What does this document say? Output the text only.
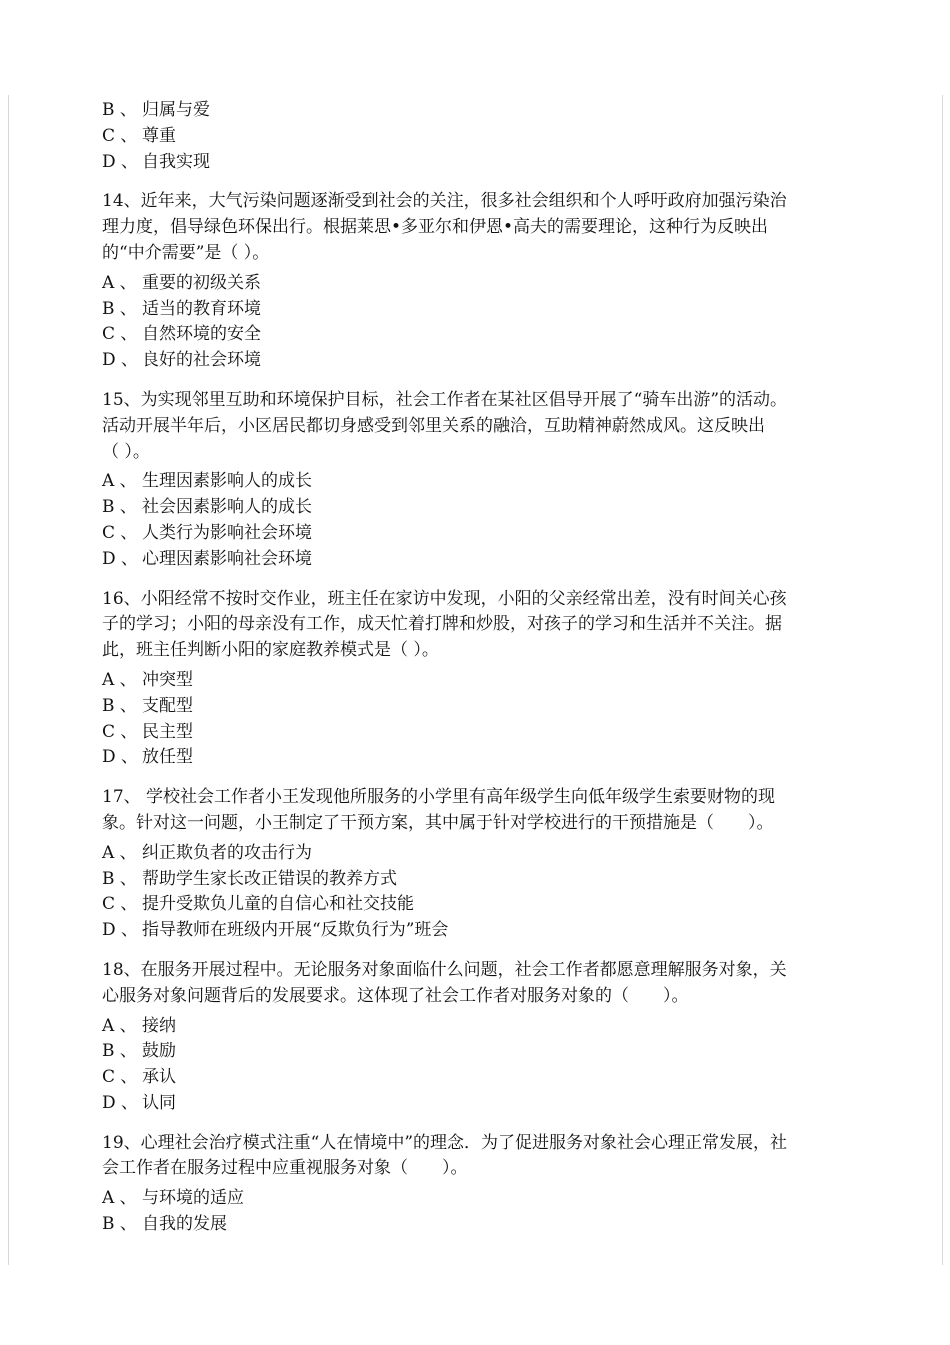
B 、 归属与爱
C 、 尊重
D 、 自我实现

14、近年来，大气污染问题逐渐受到社会的关注，很多社会组织和个人呼吁政府加强污染治

理力度，倡导绿色环保出行。根据莱思•多亚尔和伊恩•高夫的需要理论，这种行为反映出

的“中介需要”是（ ）。

A 、 重要的初级关系
B 、 适当的教育环境
C 、 自然环境的安全
D 、 良好的社会环境

15、为实现邻里互助和环境保护目标，社会工作者在某社区倡导开展了“骑车出游”的活动。

活动开展半年后，小区居民都切身感受到邻里关系的融洽，互助精神蔚然成风。这反映出

（ ）。

A 、 生理因素影响人的成长
B 、 社会因素影响人的成长
C 、 人类行为影响社会环境
D 、 心理因素影响社会环境

16、小阳经常不按时交作业，班主任在家访中发现，小阳的父亲经常出差，没有时间关心孩

子的学习；小阳的母亲没有工作，成天忙着打牌和炒股，对孩子的学习和生活并不关注。据

此，班主任判断小阳的家庭教养模式是（ ）。

A 、 冲突型
B 、 支配型
C 、 民主型
D 、 放任型

17、 学校社会工作者小王发现他所服务的小学里有高年级学生向低年级学生索要财物的现

象。针对这一问题，小王制定了干预方案，其中属于针对学校进行的干预措施是（　　）。

A 、 纠正欺负者的攻击行为
B 、 帮助学生家长改正错误的教养方式
C 、 提升受欺负儿童的自信心和社交技能
D 、 指导教师在班级内开展“反欺负行为”班会

18、在服务开展过程中。无论服务对象面临什么问题，社会工作者都愿意理解服务对象，关

心服务对象问题背后的发展要求。这体现了社会工作者对服务对象的（　　）。

A 、 接纳
B 、 鼓励
C 、 承认
D 、 认同

19、心理社会治疗模式注重“人在情境中”的理念．为了促进服务对象社会心理正常发展，社

会工作者在服务过程中应重视服务对象（　　）。

A 、 与环境的适应
B 、 自我的发展
